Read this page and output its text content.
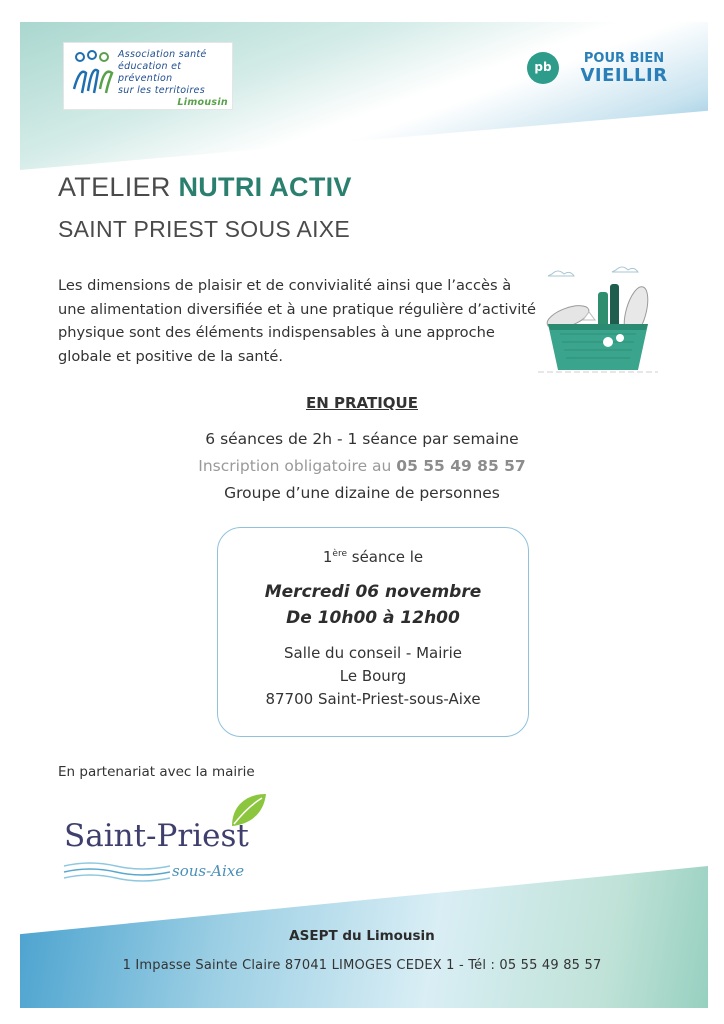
Association santé
éducation et prévention
sur les territoires
Limousin
pb
POUR BIEN
VIEILLIR
ATELIER NUTRI ACTIV
SAINT PRIEST SOUS AIXE
Les dimensions de plaisir et de convivialité ainsi que l’accès à une alimentation diversifiée et à une pratique régulière d’activité physique sont des éléments indispensables à une approche globale et positive de la santé.
EN PRATIQUE
6 séances de 2h - 1 séance par semaine
Inscription obligatoire au 05 55 49 85 57
Groupe d’une dizaine de personnes
1ère séance le
Mercredi 06 novembre
De 10h00 à 12h00
Salle du conseil - Mairie
Le Bourg
87700 Saint-Priest-sous-Aixe
En partenariat avec la mairie
Saint-Priest
sous-Aixe
ASEPT du Limousin
1 Impasse Sainte Claire 87041 LIMOGES CEDEX 1 - Tél : 05 55 49 85 57
